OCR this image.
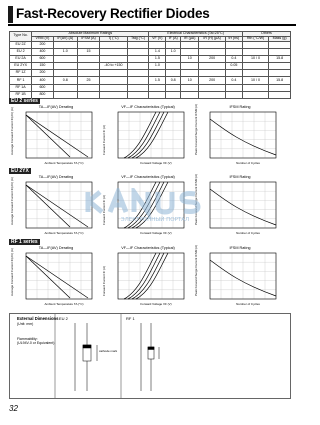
Fast-Recovery Rectifier Diodes
Type No.	Absolute Maximum Ratings					Electrical Characteristics (Ta=25°C)					Others	
	VRM (V)	IF(AV) (A)	IFSM (A)	Tj (°C)	Tstg (°C)	VF (V)	IF (A)	IR (µA)	IR (H) (µA)	trr (ns)	Rth (°C/W)	Mass (g)
EU 2Z	200											
EU 2	400	1.0	15			1.4	1.0					
EU 2A	600					1.5		10	200	0.4	10 / 0	15.8
EU 2YX	150			-40 to +150		1.0				0.05		
RF 1Z	200											
RF 1	400	0.8	25			1.5	0.8	10	200	0.4	10 / 0	15.8
RF 1A	600											
RF 1B	800											
EU 2 series
EU 2YX
RF 1 series
TA—IF(AV) Derating
Average Forward Current IF(AV) (A)
Ambient Temperature TA (°C)
VF—IF Characteristics (Typical)
Forward Current IF (A)
Forward Voltage VF (V)
IFSM Rating
Peak Forward Surge Current IFSM (A)
Number of Cycles
TA—IF(AV) Derating
Average Forward Current IF(AV) (A)
Ambient Temperature TA (°C)
VF—IF Characteristics (Typical)
Forward Current IF (A)
Forward Voltage VF (V)
IFSM Rating
Peak Forward Surge Current IFSM (A)
Number of Cycles
TA—IF(AV) Derating
Average Forward Current IF(AV) (A)
Ambient Temperature TA (°C)
VF—IF Characteristics (Typical)
Forward Current IF (A)
Forward Voltage VF (V)
IFSM Rating
Peak Forward Surge Current IFSM (A)
Number of Cycles
ЭЛЕКТРОННЫЙ ПОРТАЛ
External Dimensions
(Unit: mm)
Flammability:
(UL94V-0 or Equivalent)
EU 2	RF 1
cathode mark
32
